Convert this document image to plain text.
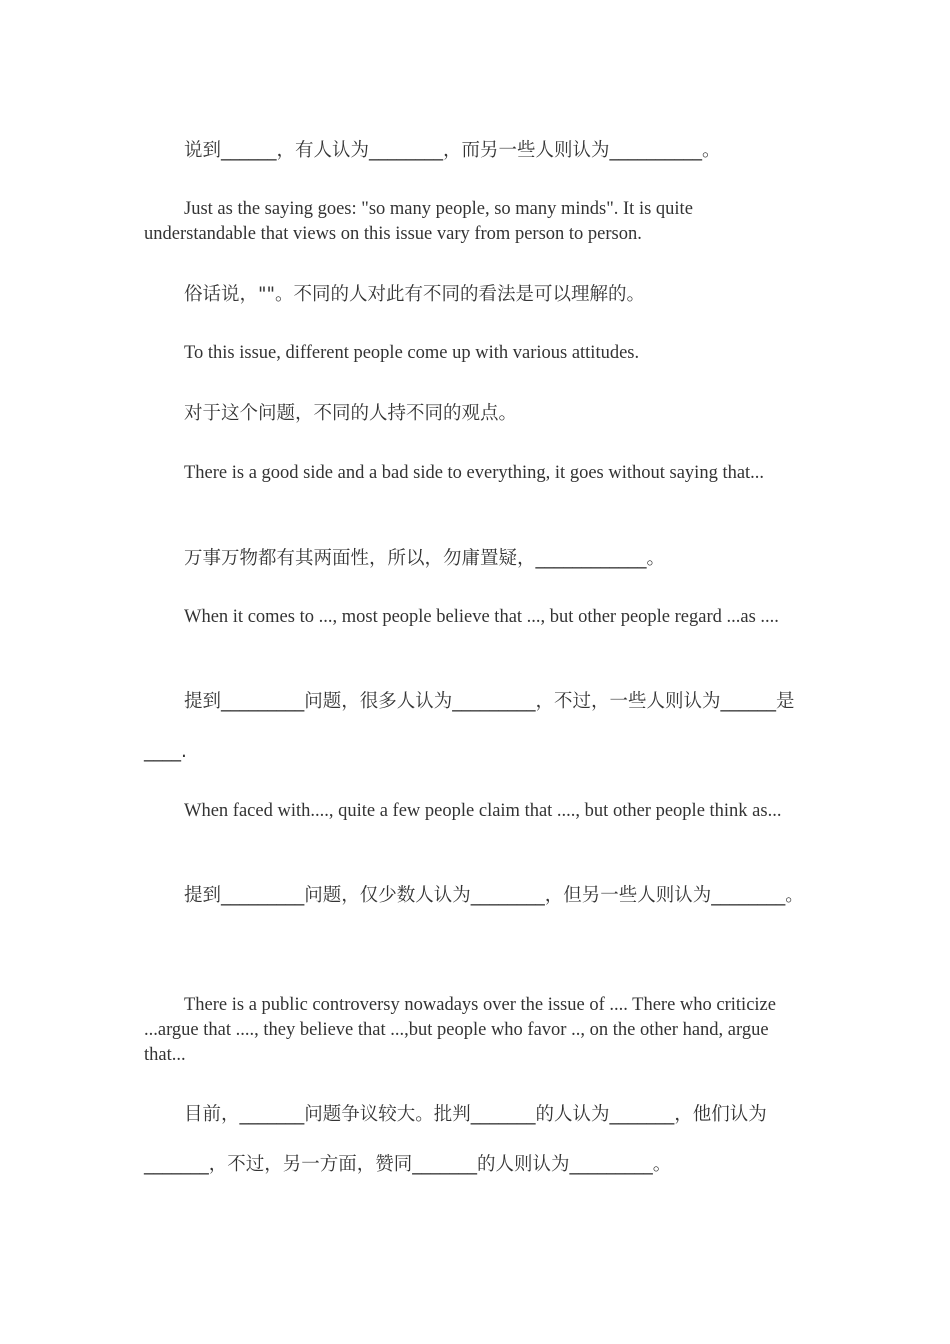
说到______，有人认为________，而另一些人则认为__________。

Just as the saying goes: "so many people, so many minds". It is quite understandable that views on this issue vary from person to person.

俗话说，""。不同的人对此有不同的看法是可以理解的。

To this issue, different people come up with various attitudes.

对于这个问题，不同的人持不同的观点。

There is a good side and a bad side to everything, it goes without saying that...

万事万物都有其两面性，所以，勿庸置疑，____________。

When it comes to ..., most people believe that ..., but other people regard ...as ....

提到_________问题，很多人认为_________，不过，一些人则认为______是____.

When faced with...., quite a few people claim that ...., but other people think as...

提到_________问题，仅少数人认为________，但另一些人则认为________。

There is a public controversy nowadays over the issue of .... There who criticize ...argue that ...., they believe that ...,but people who favor .., on the other hand, argue that...

目前，_______问题争议较大。批判_______的人认为_______，他们认为_______，不过，另一方面，赞同_______的人则认为_________。
